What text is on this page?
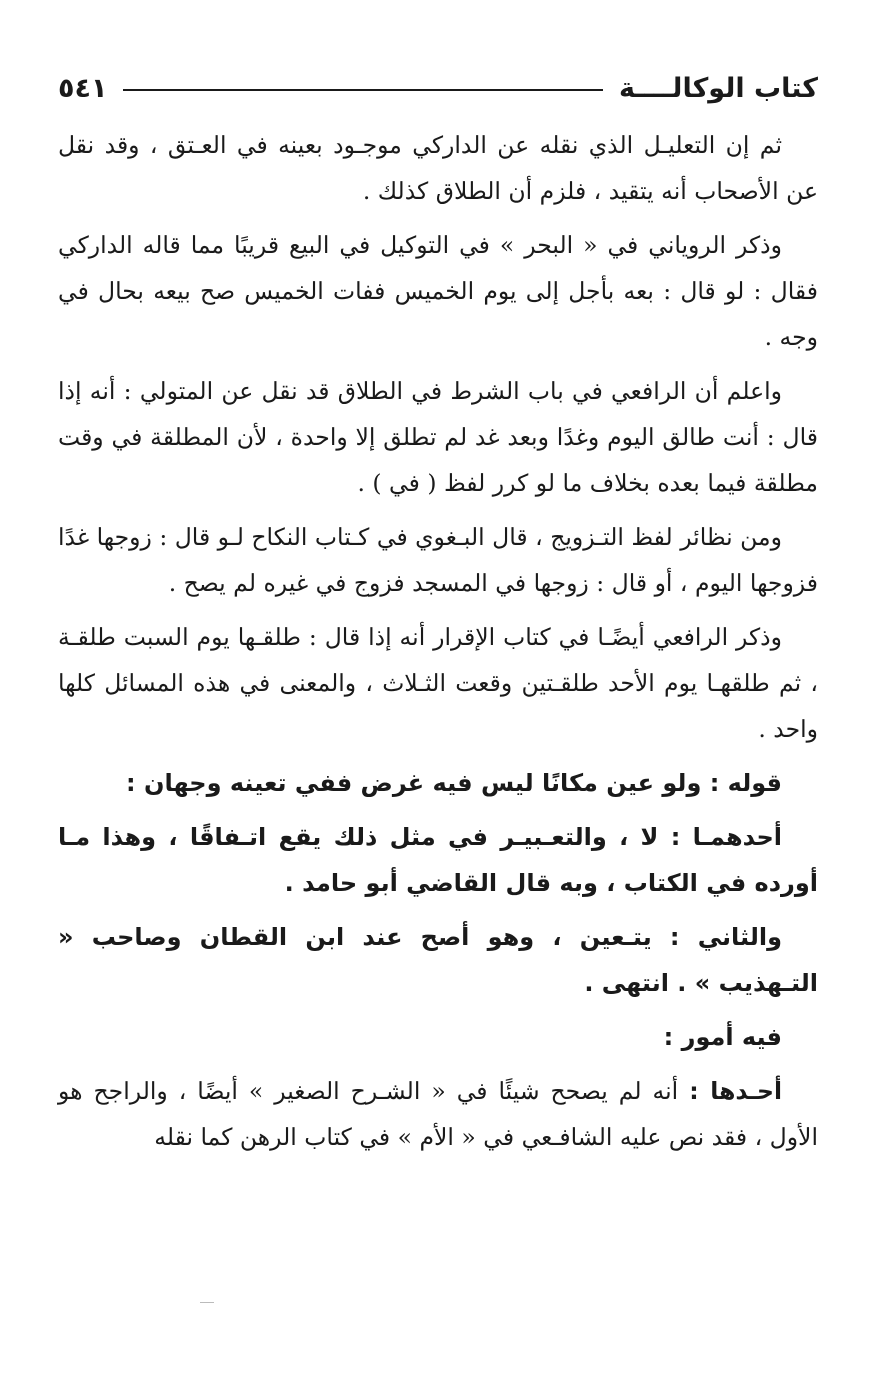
كتاب الوكالــــة
٥٤١

ثم إن التعليـل الذي نقله عن الداركي موجـود بعينه في العـتق ، وقد نقل عن الأصحاب أنه يتقيد ، فلزم أن الطلاق كذلك .

وذكر الروياني في « البحر » في التوكيل في البيع قريبًا مما قاله الداركي فقال : لو قال : بعه بأجل إلى يوم الخميس ففات الخميس صح بيعه بحال في وجه .

واعلم أن الرافعي في باب الشرط في الطلاق قد نقل عن المتولي : أنه إذا قال : أنت طالق اليوم وغدًا وبعد غد لم تطلق إلا واحدة ، لأن المطلقة في وقت مطلقة فيما بعده بخلاف ما لو كرر لفظ ( في ) .

ومن نظائر لفظ التـزويج ، قال البـغوي في كـتاب النكاح لـو قال : زوجها غدًا فزوجها اليوم ، أو قال : زوجها في المسجد فزوج في غيره لم يصح .

وذكر الرافعي أيضًـا في كتاب الإقرار أنه إذا قال : طلقـها يوم السبت طلقـة ، ثم طلقهـا يوم الأحد طلقـتين وقعت الثـلاث ، والمعنى في هذه المسائل كلها واحد .

قوله : ولو عين مكانًا ليس فيه غرض ففي تعينه وجهان :

أحدهمـا : لا ، والتعـبيـر في مثل ذلك يقع اتـفاقًا ، وهذا مـا أورده في الكتاب ، وبه قال القاضي أبو حامد .

والثاني : يتـعين ، وهو أصح عند ابن القطان وصاحب « التـهذيب » . انتهى .

فيه أمور :

أحـدها : أنه لم يصحح شيئًا في « الشـرح الصغير » أيضًا ، والراجح هو الأول ، فقد نص عليه الشافـعي في « الأم » في كتاب الرهن كما نقله
